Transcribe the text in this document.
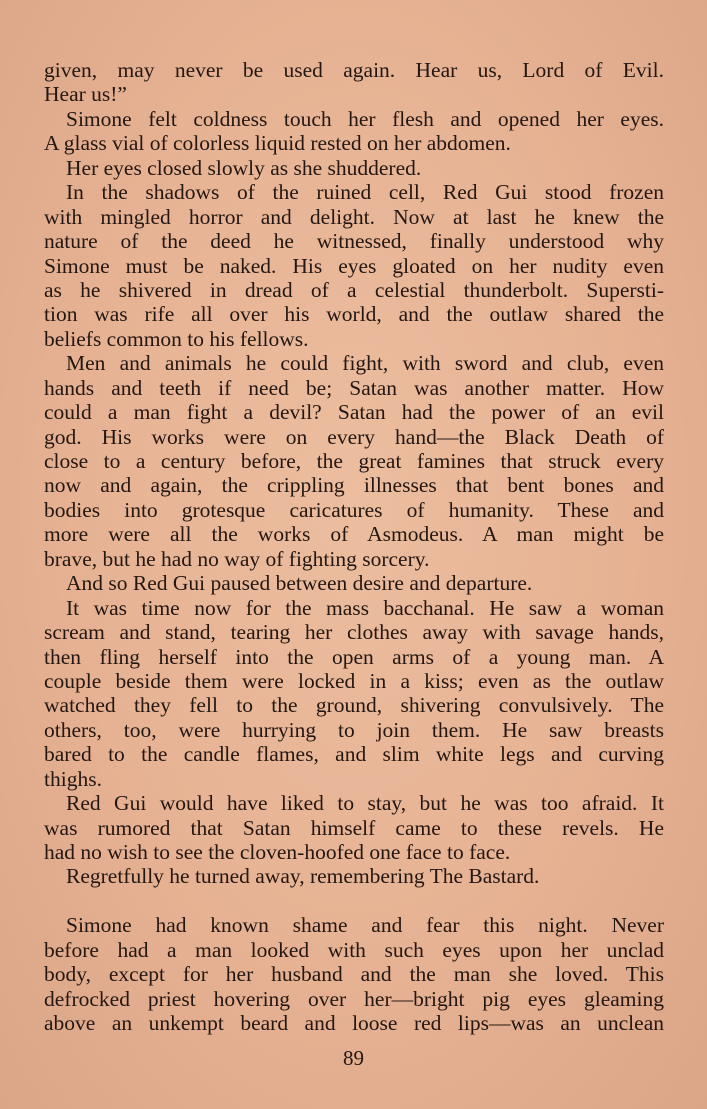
given, may never be used again. Hear us, Lord of Evil.
Hear us!”
Simone felt coldness touch her flesh and opened her eyes.
A glass vial of colorless liquid rested on her abdomen.
Her eyes closed slowly as she shuddered.
In the shadows of the ruined cell, Red Gui stood frozen
with mingled horror and delight. Now at last he knew the
nature of the deed he witnessed, finally understood why
Simone must be naked. His eyes gloated on her nudity even
as he shivered in dread of a celestial thunderbolt. Supersti-
tion was rife all over his world, and the outlaw shared the
beliefs common to his fellows.
Men and animals he could fight, with sword and club, even
hands and teeth if need be; Satan was another matter. How
could a man fight a devil? Satan had the power of an evil
god. His works were on every hand—the Black Death of
close to a century before, the great famines that struck every
now and again, the crippling illnesses that bent bones and
bodies into grotesque caricatures of humanity. These and
more were all the works of Asmodeus. A man might be
brave, but he had no way of fighting sorcery.
And so Red Gui paused between desire and departure.
It was time now for the mass bacchanal. He saw a woman
scream and stand, tearing her clothes away with savage hands,
then fling herself into the open arms of a young man. A
couple beside them were locked in a kiss; even as the outlaw
watched they fell to the ground, shivering convulsively. The
others, too, were hurrying to join them. He saw breasts
bared to the candle flames, and slim white legs and curving
thighs.
Red Gui would have liked to stay, but he was too afraid. It
was rumored that Satan himself came to these revels. He
had no wish to see the cloven-hoofed one face to face.
Regretfully he turned away, remembering The Bastard.
Simone had known shame and fear this night. Never
before had a man looked with such eyes upon her unclad
body, except for her husband and the man she loved. This
defrocked priest hovering over her—bright pig eyes gleaming
above an unkempt beard and loose red lips—was an unclean
89
